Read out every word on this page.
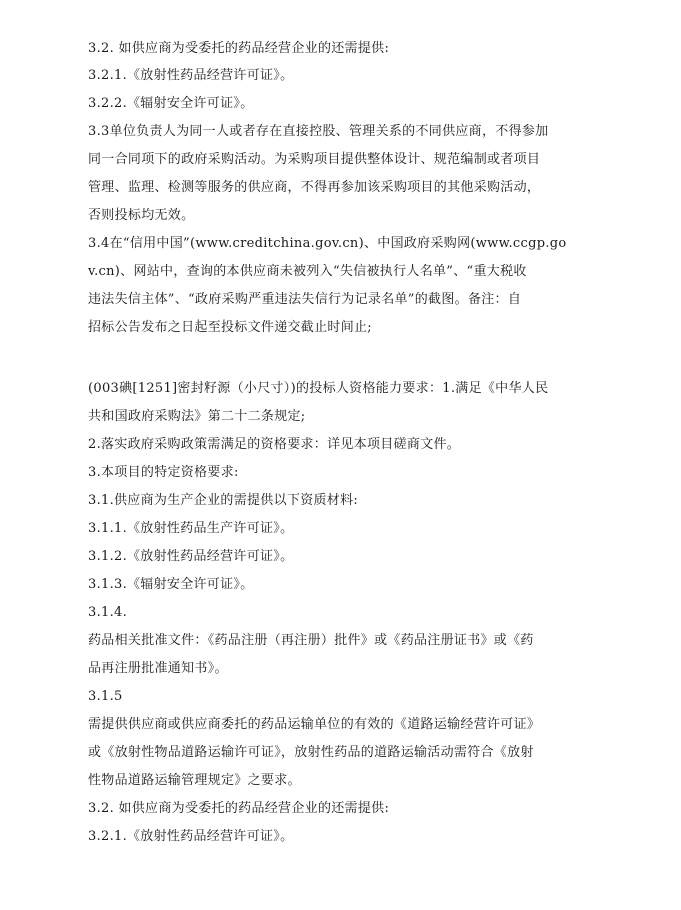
3.2. 如供应商为受委托的药品经营企业的还需提供:
3.2.1.《放射性药品经营许可证》。
3.2.2.《辐射安全许可证》。
3.3单位负责人为同一人或者存在直接控股、管理关系的不同供应商，不得参加
同一合同项下的政府采购活动。为采购项目提供整体设计、规范编制或者项目
管理、监理、检测等服务的供应商，不得再参加该采购项目的其他采购活动，
否则投标均无效。
3.4在“信用中国”(www.creditchina.gov.cn)、中国政府采购网(www.ccgp.go
v.cn)、网站中，查询的本供应商未被列入“失信被执行人名单”、“重大税收
违法失信主体”、“政府采购严重违法失信行为记录名单”的截图。备注：自
招标公告发布之日起至投标文件递交截止时间止;
(003碘[1251]密封籽源（小尺寸）)的投标人资格能力要求：1.满足《中华人民
共和国政府采购法》第二十二条规定;
2.落实政府采购政策需满足的资格要求：详见本项目磋商文件。
3.本项目的特定资格要求:
3.1.供应商为生产企业的需提供以下资质材料:
3.1.1.《放射性药品生产许可证》。
3.1.2.《放射性药品经营许可证》。
3.1.3.《辐射安全许可证》。
3.1.4.
药品相关批准文件：《药品注册（再注册）批件》或《药品注册证书》或《药
品再注册批准通知书》。
3.1.5
需提供供应商或供应商委托的药品运输单位的有效的《道路运输经营许可证》
或《放射性物品道路运输许可证》，放射性药品的道路运输活动需符合《放射
性物品道路运输管理规定》之要求。
3.2. 如供应商为受委托的药品经营企业的还需提供:
3.2.1.《放射性药品经营许可证》。
